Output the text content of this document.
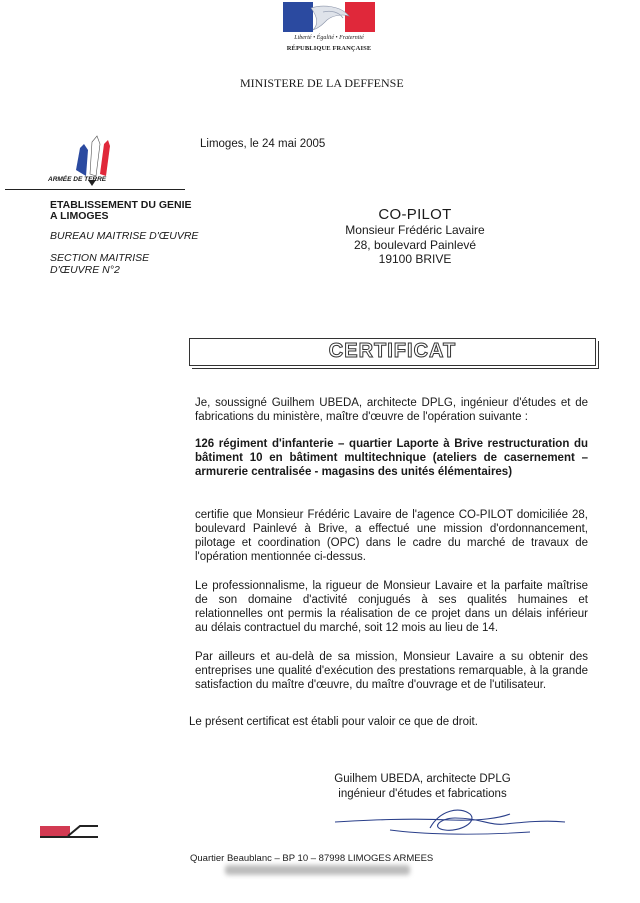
Liberté • Égalité • Fraternité
RÉPUBLIQUE FRANÇAISE
MINISTERE DE LA DEFFENSE
ARMÉE DE TERRE
Limoges, le 24 mai 2005
ETABLISSEMENT DU GENIE
A LIMOGES
BUREAU MAITRISE D'ŒUVRE
SECTION MAITRISE
D'ŒUVRE N°2
CO-PILOT
Monsieur Frédéric Lavaire
28, boulevard Painlevé
19100 BRIVE
CERTIFICAT
Je, soussigné Guilhem UBEDA, architecte DPLG, ingénieur d'études et de fabrications du ministère, maître d'œuvre de l'opération suivante :
126 régiment d'infanterie – quartier Laporte à Brive restructuration du bâtiment 10 en bâtiment multitechnique (ateliers de casernement – armurerie centralisée - magasins des unités élémentaires)
certifie que Monsieur Frédéric Lavaire de l'agence CO-PILOT domiciliée 28, boulevard Painlevé à Brive, a effectué une mission d'ordonnancement, pilotage et coordination (OPC) dans le cadre du marché de travaux de l'opération mentionnée ci-dessus.
Le professionnalisme, la rigueur de Monsieur Lavaire et la parfaite maîtrise de son domaine d'activité conjugués à ses qualités humaines et relationnelles ont permis la réalisation de ce projet dans un délais inférieur au délais contractuel du marché, soit 12 mois au lieu de 14.
Par ailleurs et au-delà de sa mission, Monsieur Lavaire a su obtenir des entreprises une qualité d'exécution des prestations remarquable, à la grande satisfaction du maître d'œuvre, du maître d'ouvrage et de l'utilisateur.
Le présent certificat est établi pour valoir ce que de droit.
Guilhem UBEDA, architecte DPLG
ingénieur d'études et fabrications
Quartier Beaublanc – BP 10 – 87998 LIMOGES ARMEES
